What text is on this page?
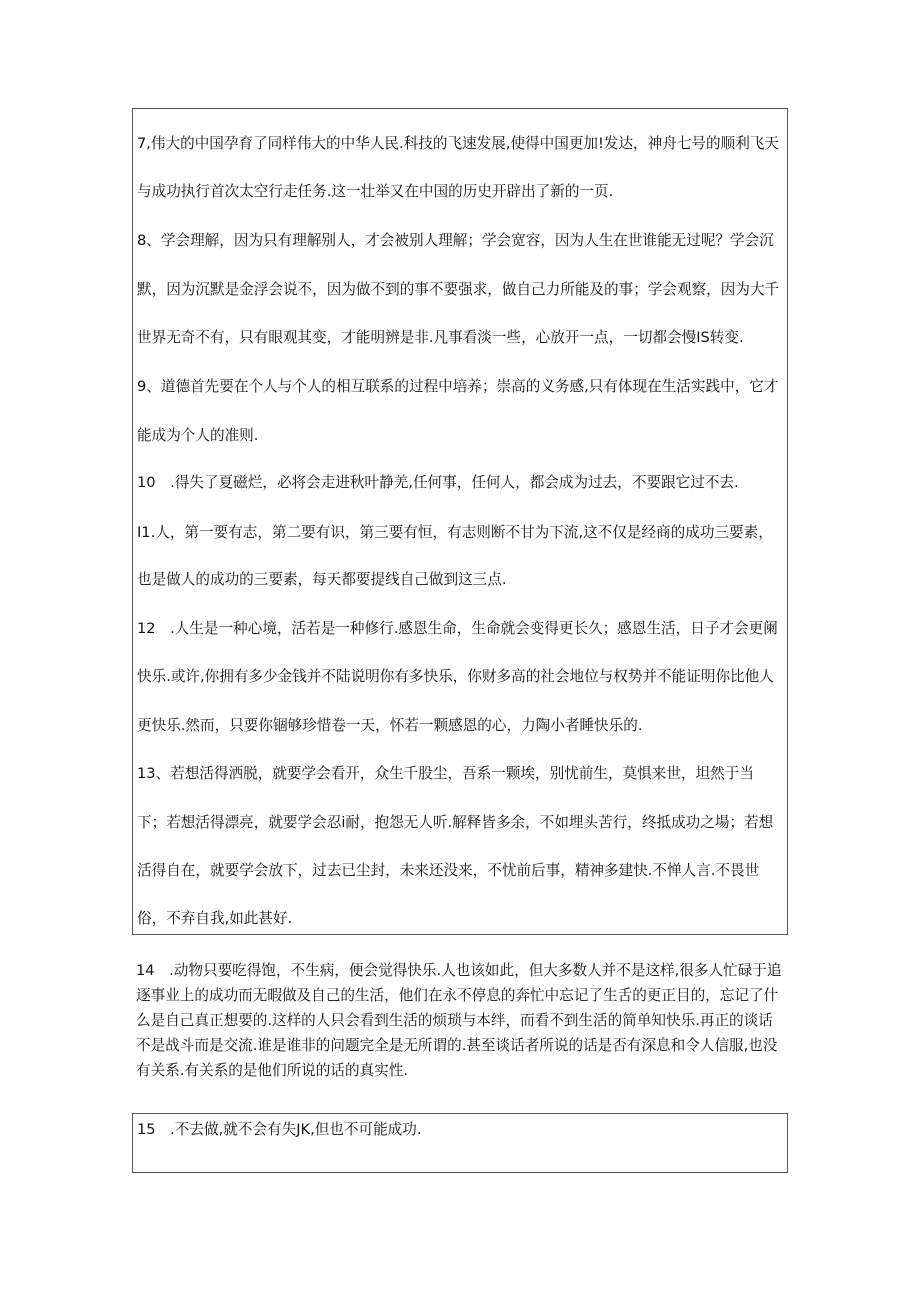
7,伟大的中国孕育了同样伟大的中华人民.科技的飞速发展,使得中国更加!发达，神舟七号的顺利飞天
与成功执行首次太空行走任务.这一壮举又在中国的历史开辟出了新的一页.
8、学会理解，因为只有理解别人，才会被别人理解；学会宽容，因为人生在世谁能无过呢？学会沉
默，因为沉默是金浮会说不，因为做不到的事不要强求，做自己力所能及的事；学会观察，因为大千
世界无奇不有，只有眼观其变，才能明辨是非.凡事看淡一些，心放开一点，一切都会慢IS转变.
9、道德首先要在个人与个人的相互联系的过程中培养；崇高的义务感,只有体现在生活实践中，它才
能成为个人的准则.
10　.得失了夏磁烂，必将会走进秋叶静羌,任何事，任何人，都会成为过去，不要跟它过不去.
I1.人，第一要有志，第二要有识，第三要有恒，有志则断不甘为下流,这不仅是经商的成功三要素，
也是做人的成功的三要素，每天都要提线自己做到这三点.
12　.人生是一种心境，活若是一种修行.感恩生命，生命就会变得更长久；感恩生活，日子才会更阑
快乐.或许,你拥有多少金钱并不陆说明你有多快乐，你财多高的社会地位与权势并不能证明你比他人
更快乐.然而，只要你锢够珍惜卷一天，怀若一颗感恩的心，力陶小者睡快乐的.
13、若想活得洒脱，就要学会看开，众生千股尘，吾系一颗埃，别忧前生，莫惧来世，坦然于当
下；若想活得漂亮，就要学会忍i耐，抱怨无人听.解释皆多余，不如埋头苦行，终抵成功之場；若想
活得自在，就要学会放下，过去已尘封，未来还没来，不忧前后事，精神多建快.不惮人言.不畏世
俗，不弃自我,如此甚好.
14　.动物只要吃得饱，不生病，便会觉得快乐.人也该如此，但大多数人并不是这样,很多人忙碌于追
逐事业上的成功而无暇做及自己的生活，他们在永不停息的奔忙中忘记了生舌的更正目的，忘记了什
么是自己真正想要的.这样的人只会看到生活的烦琐与本绊，而看不到生活的简单知快乐.再正的谈话
不是战斗而是交流.谁是谁非的问题完全是无所谓的.甚至谈话者所说的话是否有深息和令人信服,也没
有关系.有关系的是他们所说的话的真实性.
15　.不去做,就不会有失JK,但也不可能成功.
